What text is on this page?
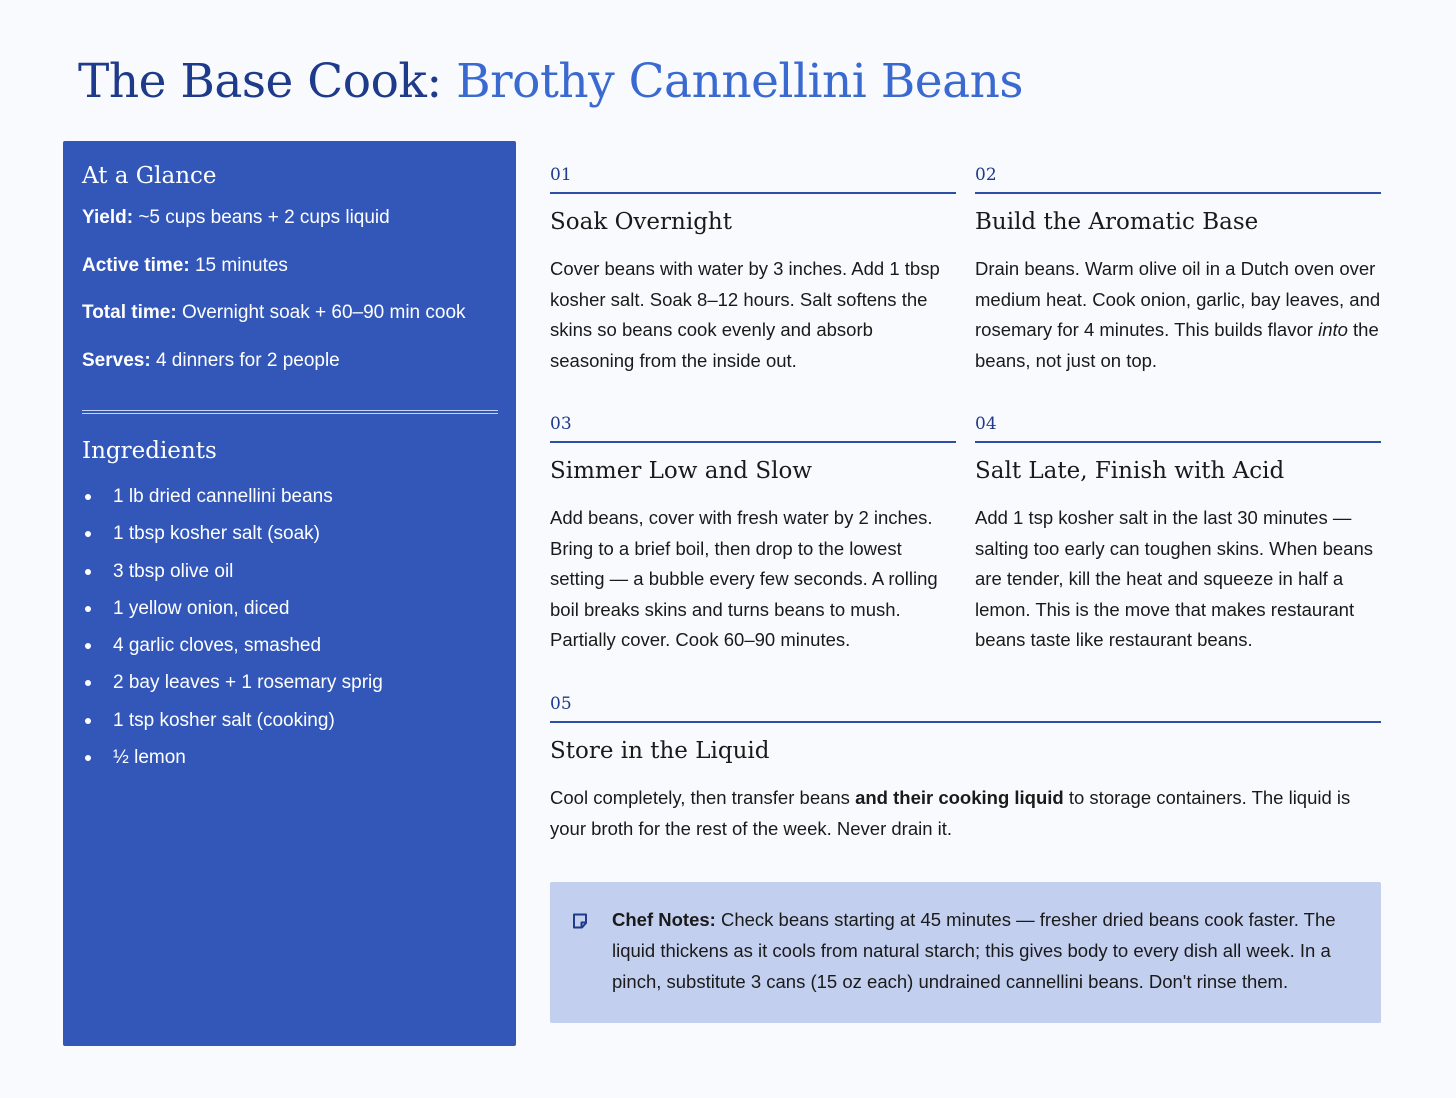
The Base Cook: Brothy Cannellini Beans
At a Glance
Yield: ~5 cups beans + 2 cups liquid
Active time: 15 minutes
Total time: Overnight soak + 60–90 min cook
Serves: 4 dinners for 2 people
Ingredients
1 lb dried cannellini beans
1 tbsp kosher salt (soak)
3 tbsp olive oil
1 yellow onion, diced
4 garlic cloves, smashed
2 bay leaves + 1 rosemary sprig
1 tsp kosher salt (cooking)
½ lemon
01
Soak Overnight

Cover beans with water by 3 inches. Add 1 tbsp kosher salt. Soak 8–12 hours. Salt softens the skins so beans cook evenly and absorb seasoning from the inside out.

02
Build the Aromatic Base

Drain beans. Warm olive oil in a Dutch oven over medium heat. Cook onion, garlic, bay leaves, and rosemary for 4 minutes. This builds flavor into the beans, not just on top.

03
Simmer Low and Slow

Add beans, cover with fresh water by 2 inches. Bring to a brief boil, then drop to the lowest setting — a bubble every few seconds. A rolling boil breaks skins and turns beans to mush. Partially cover. Cook 60–90 minutes.

04
Salt Late, Finish with Acid

Add 1 tsp kosher salt in the last 30 minutes — salting too early can toughen skins. When beans are tender, kill the heat and squeeze in half a lemon. This is the move that makes restaurant beans taste like restaurant beans.

05
Store in the Liquid

Cool completely, then transfer beans and their cooking liquid to storage containers. The liquid is your broth for the rest of the week. Never drain it.

Chef Notes: Check beans starting at 45 minutes — fresher dried beans cook faster. The liquid thickens as it cools from natural starch; this gives body to every dish all week. In a pinch, substitute 3 cans (15 oz each) undrained cannellini beans. Don't rinse them.
